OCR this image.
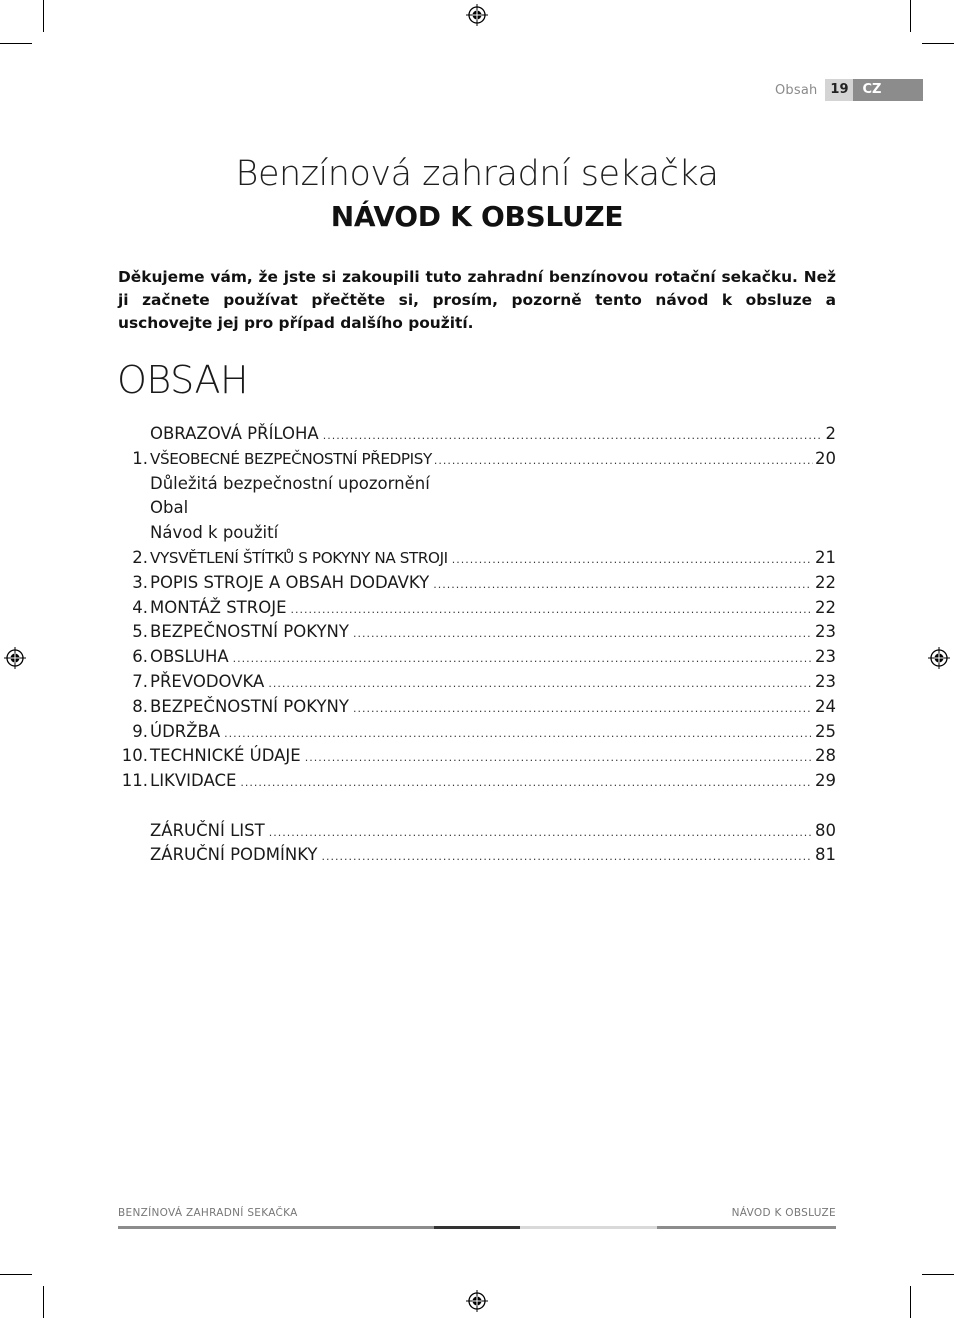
Obsah 19	CZ
Benzínová zahradní sekačka
NÁVOD K OBSLUZE
Děkujeme vám, že jste si zakoupili tuto zahradní benzínovou rotační sekačku. Než ji začnete používat přečtěte si, prosím, pozorně tento návod k obsluze a uschovejte jej pro případ dalšího použití.
OBSAH
OBRAZOVÁ PŘÍLOHA .....	2
1. VŠEOBECNÉ BEZPEČNOSTNÍ PŘEDPISY .....	20
Důležitá bezpečnostní upozornění
Obal
Návod k použití
2. VYSVĚTLENÍ ŠTÍTKŮ S POKYNY NA STROJI .....	21
3. POPIS STROJE A OBSAH DODAVKY .....	22
4. MONTÁŽ STROJE .....	22
5. BEZPEČNOSTNÍ POKYNY .....	23
6. OBSLUHA .....	23
7. PŘEVODOVKA .....	23
8. BEZPEČNOSTNÍ POKYNY .....	24
9. ÚDRŽBA .....	25
10. TECHNICKÉ ÚDAJE .....	28
11. LIKVIDACE .....	29
ZÁRUČNÍ LIST .....	80
ZÁRUČNÍ PODMÍNKY .....	81
BENZÍNOVÁ ZAHRADNÍ SEKAČKA	NÁVOD K OBSLUZE
